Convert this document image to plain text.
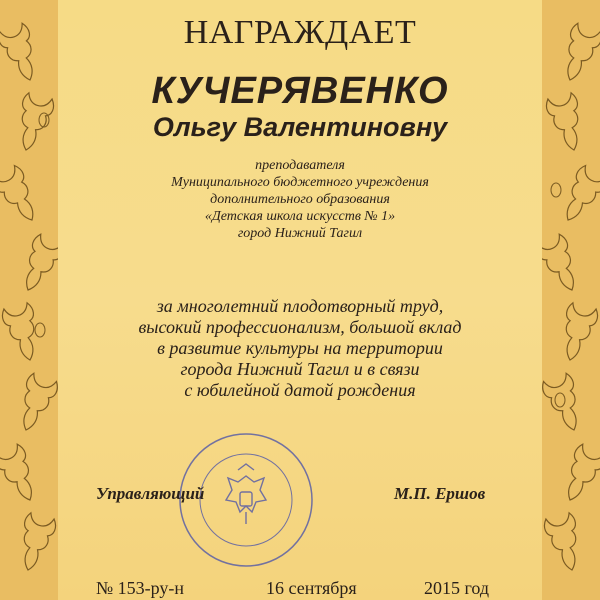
НАГРАЖДАЕТ

КУЧЕРЯВЕНКО

Ольгу Валентиновну

преподавателя
Муниципального бюджетного учреждения
дополнительного образования
«Детская школа искусств № 1»
город Нижний Тагил

за многолетний плодотворный труд,
высокий профессионализм, большой вклад
в развитие культуры на территории
города Нижний Тагил и в связи
с юбилейной датой рождения

Управляющий	М.П. Ершов
№ 153-ру-н	16 сентября	2015 год
